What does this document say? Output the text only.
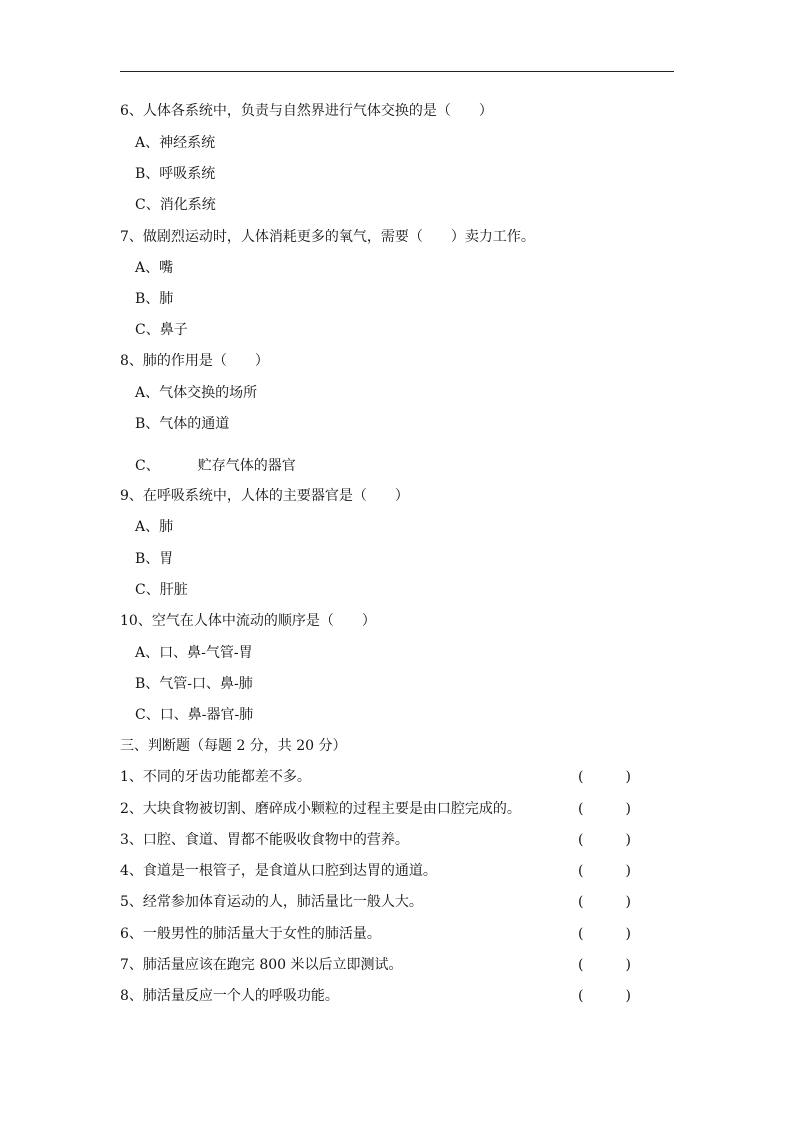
6、人体各系统中，负责与自然界进行气体交换的是（　　）
A、神经系统
B、呼吸系统
C、消化系统
7、做剧烈运动时，人体消耗更多的氧气，需要（　　）卖力工作。
A、嘴
B、肺
C、鼻子
8、肺的作用是（　　）
A、气体交换的场所
B、气体的通道
C、	贮存气体的器官
9、在呼吸系统中，人体的主要器官是（　　）
A、肺
B、胃
C、肝脏
10、空气在人体中流动的顺序是（　　）
A、口、鼻-气管-胃
B、气管-口、鼻-肺
C、口、鼻-器官-肺
三、判断题（每题 2 分，共 20 分）
1、不同的牙齿功能都差不多。	(　　　)
2、大块食物被切割、磨碎成小颗粒的过程主要是由口腔完成的。	(　　　)
3、口腔、食道、胃都不能吸收食物中的营养。	(　　　)
4、食道是一根管子，是食道从口腔到达胃的通道。	(　　　)
5、经常参加体育运动的人，肺活量比一般人大。	(　　　)
6、一般男性的肺活量大于女性的肺活量。	(　　　)
7、肺活量应该在跑完 800 米以后立即测试。	(　　　)
8、肺活量反应一个人的呼吸功能。	(　　　)
